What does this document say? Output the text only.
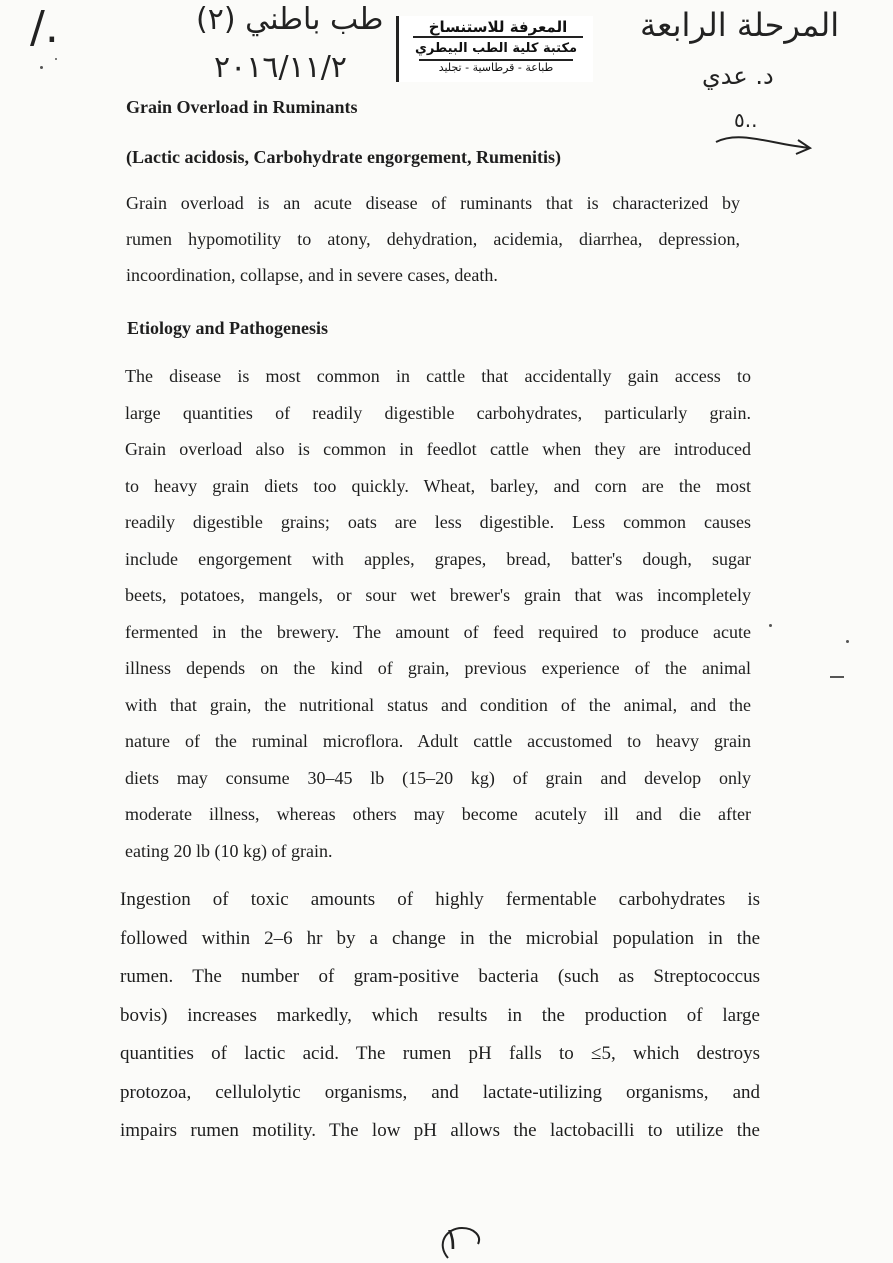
/.	طب باطني (٢)
٢٠١٦/١١/٢
المرحلة الرابعة
د. عدي
٥..
المعرفة للاستنساخ
مكتبة كلية الطب البيطري
طباعة - قرطاسية - تجليد
Grain Overload in Ruminants
(Lactic acidosis, Carbohydrate engorgement, Rumenitis)
Grain overload is an acute disease of ruminants that is characterized by
rumen hypomotility to atony, dehydration, acidemia, diarrhea, depression,
incoordination, collapse, and in severe cases, death.
Etiology and Pathogenesis
The disease is most common in cattle that accidentally gain access to
large quantities of readily digestible carbohydrates, particularly grain.
Grain overload also is common in feedlot cattle when they are introduced
to heavy grain diets too quickly. Wheat, barley, and corn are the most
readily digestible grains; oats are less digestible. Less common causes
include engorgement with apples, grapes, bread, batter's dough, sugar
beets, potatoes, mangels, or sour wet brewer's grain that was incompletely
fermented in the brewery. The amount of feed required to produce acute
illness depends on the kind of grain, previous experience of the animal
with that grain, the nutritional status and condition of the animal, and the
nature of the ruminal microflora. Adult cattle accustomed to heavy grain
diets may consume 30–45 lb (15–20 kg) of grain and develop only
moderate illness, whereas others may become acutely ill and die after
eating 20 lb (10 kg) of grain.
Ingestion of toxic amounts of highly fermentable carbohydrates is
followed within 2–6 hr by a change in the microbial population in the
rumen. The number of gram-positive bacteria (such as Streptococcus
bovis) increases markedly, which results in the production of large
quantities of lactic acid. The rumen pH falls to ≤5, which destroys
protozoa, cellulolytic organisms, and lactate-utilizing organisms, and
impairs rumen motility. The low pH allows the lactobacilli to utilize the
١
